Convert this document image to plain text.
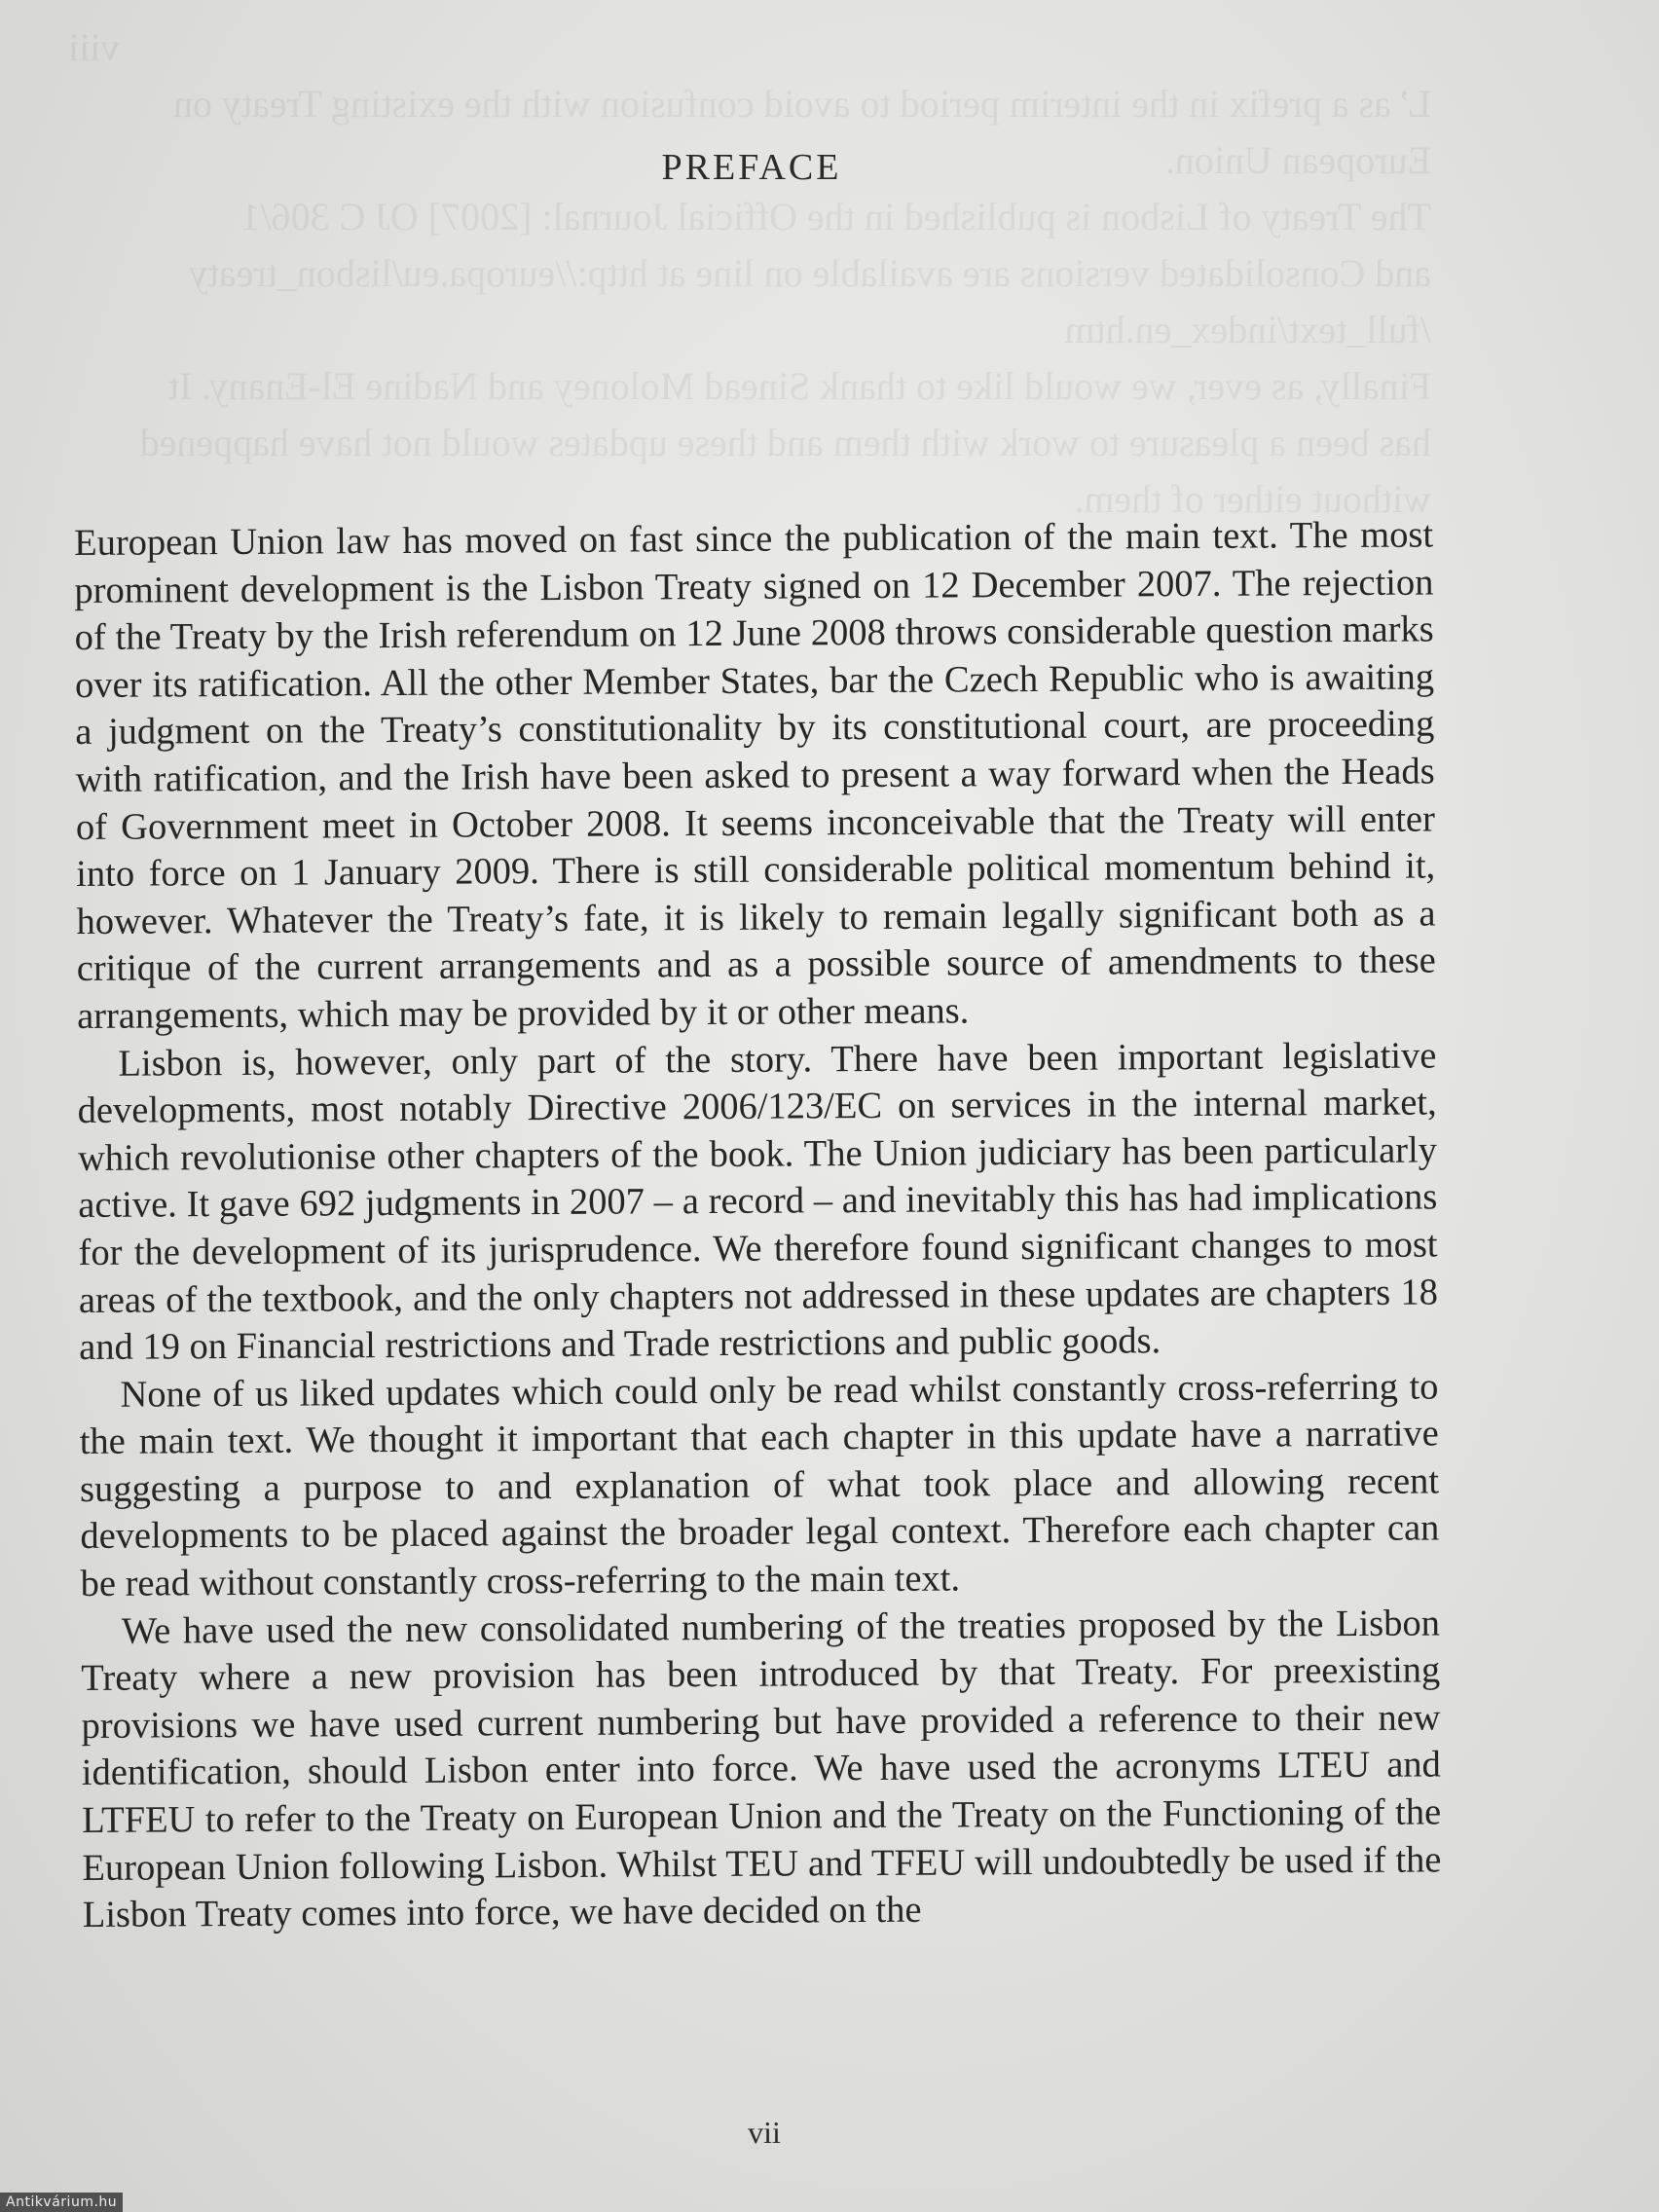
viii
L’ as a prefix in the interim period to avoid confusion with the existing Treaty on
European Union.
The Treaty of Lisbon is published in the Official Journal: [2007] OJ C 306/1
and Consolidated versions are available on line at http://europa.eu/lisbon_treaty
/full_text/index_en.htm
Finally, as ever, we would like to thank Sinead Moloney and Nadine El-Enany. It
has been a pleasure to work with them and these updates would not have happened
without either of them.
PREFACE

European Union law has moved on fast since the publication of the main text. The most prominent development is the Lisbon Treaty signed on 12 December 2007. The rejection of the Treaty by the Irish referendum on 12 June 2008 throws considerable question marks over its ratification. All the other Member States, bar the Czech Republic who is awaiting a judgment on the Treaty’s constitutionality by its constitutional court, are proceeding with ratification, and the Irish have been asked to present a way forward when the Heads of Government meet in October 2008. It seems inconceivable that the Treaty will enter into force on 1 January 2009. There is still considerable political momentum behind it, however. Whatever the Treaty’s fate, it is likely to remain legally significant both as a critique of the current arrangements and as a possible source of amendments to these arrangements, which may be provided by it or other means.

Lisbon is, however, only part of the story. There have been important legislative developments, most notably Directive 2006/123/EC on services in the internal market, which revolutionise other chapters of the book. The Union judiciary has been particularly active. It gave 692 judgments in 2007 – a record – and inevitably this has had implications for the development of its jurisprudence. We therefore found significant changes to most areas of the textbook, and the only chapters not addressed in these updates are chapters 18 and 19 on Financial restrictions and Trade restrictions and public goods.

None of us liked updates which could only be read whilst constantly cross-referring to the main text. We thought it important that each chapter in this update have a narrative suggesting a purpose to and explanation of what took place and allowing recent developments to be placed against the broader legal context. Therefore each chapter can be read without constantly cross-referring to the main text.

We have used the new consolidated numbering of the treaties proposed by the Lisbon Treaty where a new provision has been introduced by that Treaty. For preexisting provisions we have used current numbering but have provided a reference to their new identification, should Lisbon enter into force. We have used the acronyms LTEU and LTFEU to refer to the Treaty on European Union and the Treaty on the Functioning of the European Union following Lisbon. Whilst TEU and TFEU will undoubtedly be used if the Lisbon Treaty comes into force, we have decided on the

vii
Antikvárium.hu
